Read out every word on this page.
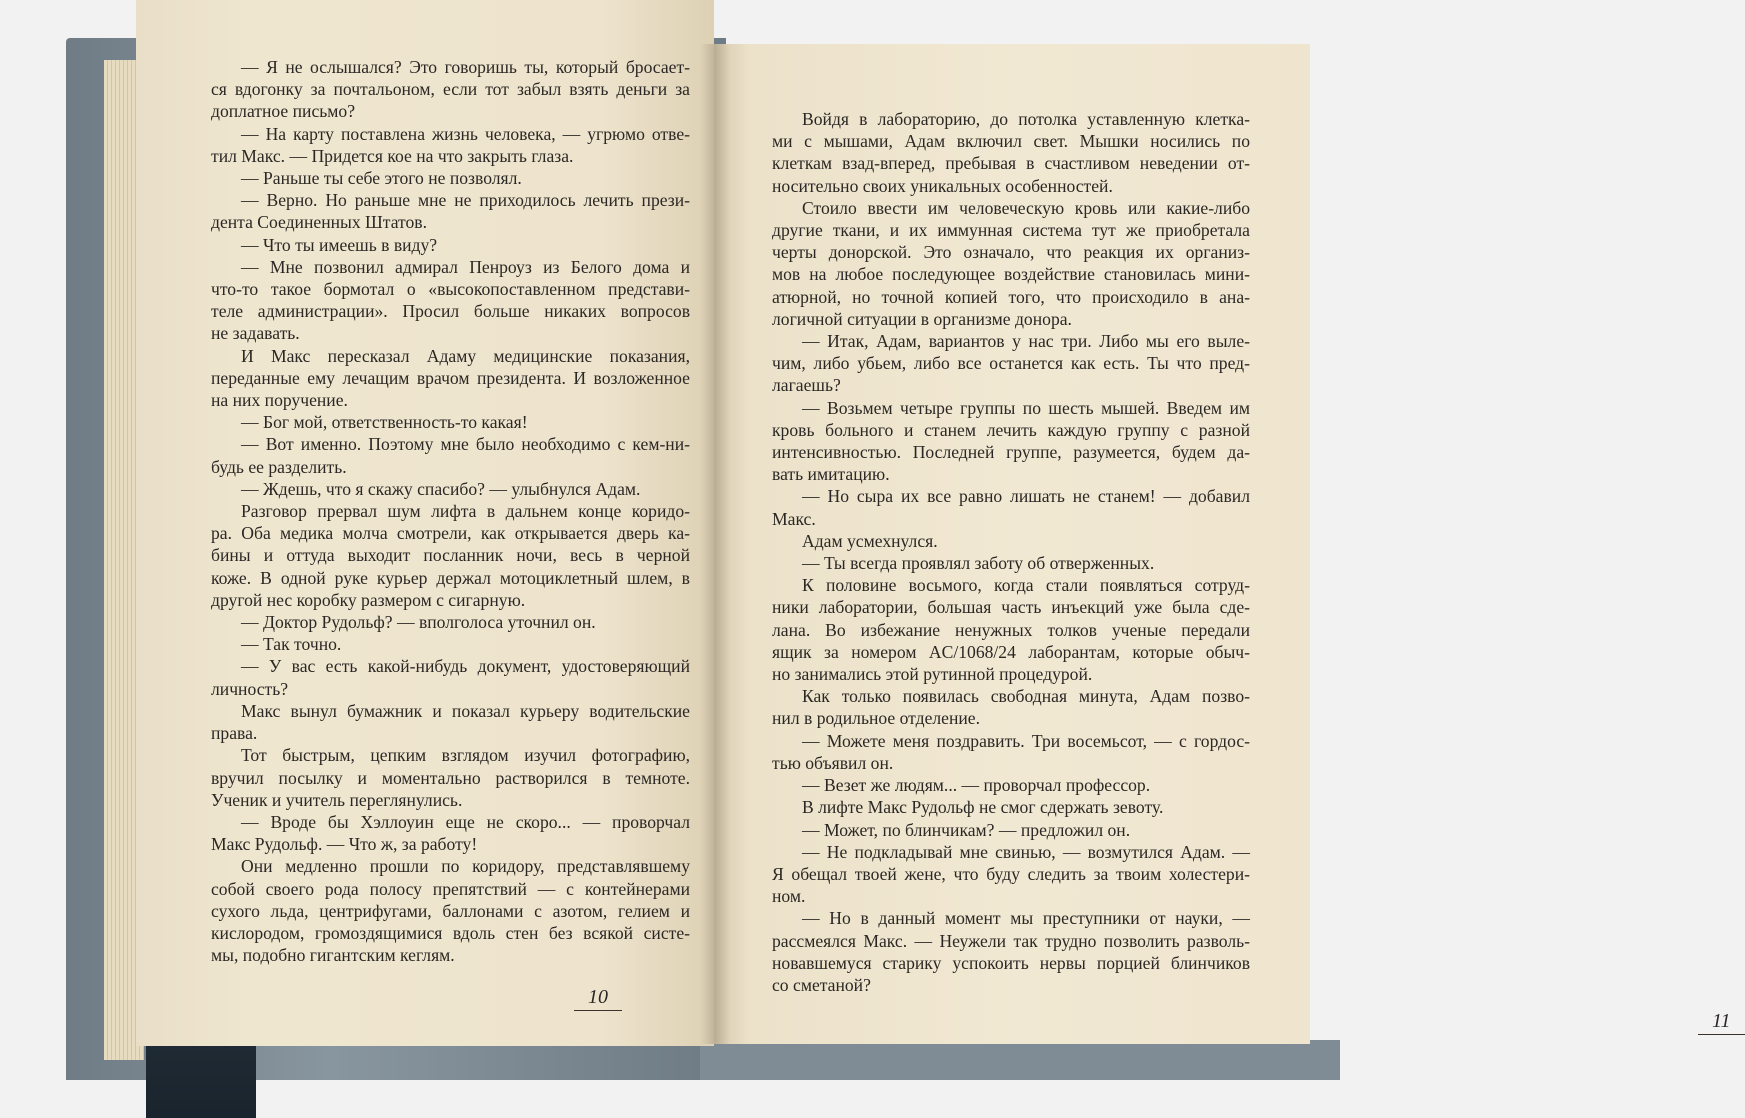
— Я не ослышался? Это говоришь ты, который бросает-
ся вдогонку за почтальоном, если тот забыл взять деньги за
доплатное письмо?

— На карту поставлена жизнь человека, — угрюмо отве-
тил Макс. — Придется кое на что закрыть глаза.

— Раньше ты себе этого не позволял.

— Верно. Но раньше мне не приходилось лечить прези-
дента Соединенных Штатов.

— Что ты имеешь в виду?

— Мне позвонил адмирал Пенроуз из Белого дома и
что-то такое бормотал о «высокопоставленном представи-
теле администрации». Просил больше никаких вопросов
не задавать.

И Макс пересказал Адаму медицинские показания,
переданные ему лечащим врачом президента. И возложенное
на них поручение.

— Бог мой, ответственность-то какая!

— Вот именно. Поэтому мне было необходимо с кем-ни-
будь ее разделить.

— Ждешь, что я скажу спасибо? — улыбнулся Адам.

Разговор прервал шум лифта в дальнем конце коридо-
ра. Оба медика молча смотрели, как открывается дверь ка-
бины и оттуда выходит посланник ночи, весь в черной
коже. В одной руке курьер держал мотоциклетный шлем, в
другой нес коробку размером с сигарную.

— Доктор Рудольф? — вполголоса уточнил он.

— Так точно.

— У вас есть какой-нибудь документ, удостоверяющий
личность?

Макс вынул бумажник и показал курьеру водительские
права.

Тот быстрым, цепким взглядом изучил фотографию,
вручил посылку и моментально растворился в темноте.
Ученик и учитель переглянулись.

— Вроде бы Хэллоуин еще не скоро... — проворчал
Макс Рудольф. — Что ж, за работу!

Они медленно прошли по коридору, представлявшему
собой своего рода полосу препятствий — с контейнерами
сухого льда, центрифугами, баллонами с азотом, гелием и
кислородом, громоздящимися вдоль стен без всякой систе-
мы, подобно гигантским кеглям.

10

Войдя в лабораторию, до потолка уставленную клетка-
ми с мышами, Адам включил свет. Мышки носились по
клеткам взад-вперед, пребывая в счастливом неведении от-
носительно своих уникальных особенностей.

Стоило ввести им человеческую кровь или какие-либо
другие ткани, и их иммунная система тут же приобретала
черты донорской. Это означало, что реакция их организ-
мов на любое последующее воздействие становилась мини-
атюрной, но точной копией того, что происходило в ана-
логичной ситуации в организме донора.

— Итак, Адам, вариантов у нас три. Либо мы его выле-
чим, либо убьем, либо все останется как есть. Ты что пред-
лагаешь?

— Возьмем четыре группы по шесть мышей. Введем им
кровь больного и станем лечить каждую группу с разной
интенсивностью. Последней группе, разумеется, будем да-
вать имитацию.

— Но сыра их все равно лишать не станем! — добавил
Макс.

Адам усмехнулся.

— Ты всегда проявлял заботу об отверженных.

К половине восьмого, когда стали появляться сотруд-
ники лаборатории, большая часть инъекций уже была сде-
лана. Во избежание ненужных толков ученые передали
ящик за номером AC/1068/24 лаборантам, которые обыч-
но занимались этой рутинной процедурой.

Как только появилась свободная минута, Адам позво-
нил в родильное отделение.

— Можете меня поздравить. Три восемьсот, — с гордос-
тью объявил он.

— Везет же людям... — проворчал профессор.

В лифте Макс Рудольф не смог сдержать зевоту.

— Может, по блинчикам? — предложил он.

— Не подкладывай мне свинью, — возмутился Адам. —
Я обещал твоей жене, что буду следить за твоим холестери-
ном.

— Но в данный момент мы преступники от науки, —
рассмеялся Макс. — Неужели так трудно позволить разволь-
новавшемуся старику успокоить нервы порцией блинчиков
со сметаной?

11
